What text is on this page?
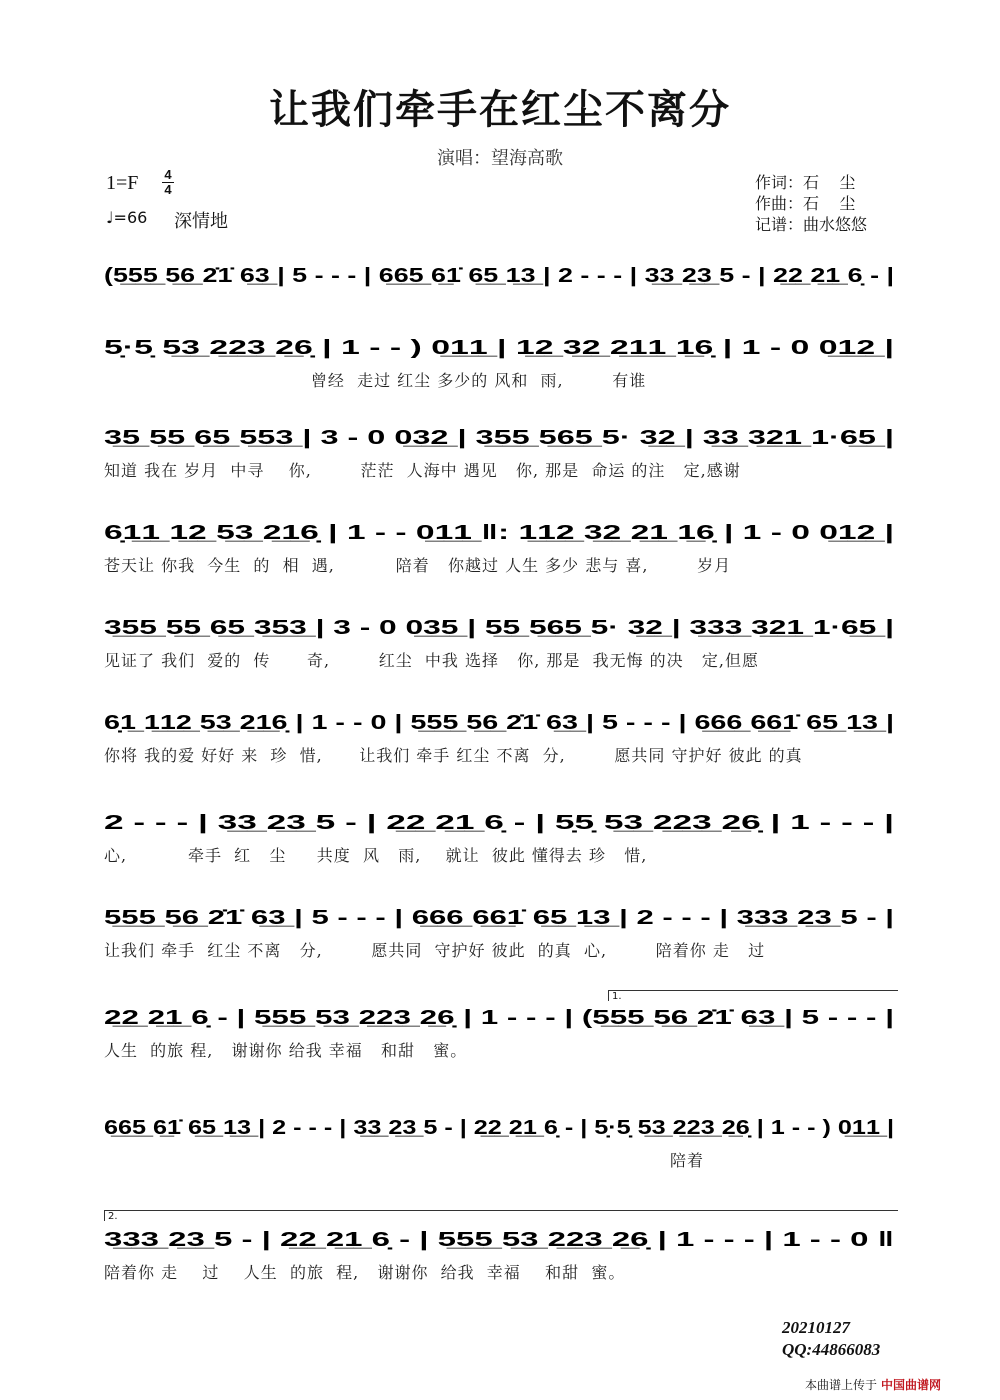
让我们牵手在红尘不离分
演唱：望海高歌
1=F 4
4
♩=66 深情地
作词：石    尘
作曲：石    尘
记谱：曲水悠悠
(5̲5̲5̲ 5̲6̲ 2̇1̇ 6̲3̲ | 5 - - - | 6̲6̲5̲ 6̲1̇ 6̲5̲ 1̲3̲ | 2 - - - | 3̲3̲ 2̲3̲ 5 - | 2̲2̲ 2̲1̲ 6̣ - |
5̣·5̣ 5̲3̲ 2̲2̲3̲ 2̲6̣ | 1 - - ) 0̲1̲1̲ | 1̲2̲ 3̲2̲ 2̲1̲1̲ 1̲6̣ | 1 - 0 0̲1̲2̲ |
曾经  走过 红尘 多少的 风和  雨,        有谁
3̲5̲ 5̲5̲ 6̲5̲ 5̲5̲3̲ | 3 - 0 0̲3̲2̲ | 3̲5̲5̲ 5̲6̲5̲ 5· 3̲2̲ | 3̲3̲ 3̲2̲1̲ 1·6̲5̲ |
知道 我在 岁月  中寻    你,        茫茫  人海中 遇见   你, 那是  命运 的注   定,感谢
6̣1̲1̲ 1̲2̲ 5̲3̲ 2̲1̲6̣ | 1 - - 0̲1̲1̲ ‖: 1̲1̲2̲ 3̲2̲ 2̲1̲ 1̲6̣ | 1 - 0 0̲1̲2̲ |
苍天让 你我  今生  的  相  遇,          陪着   你越过 人生 多少 悲与 喜,        岁月
3̲5̲5̲ 5̲5̲ 6̲5̲ 3̲5̲3̲ | 3 - 0 0̲3̲5̲ | 5̲5̲ 5̲6̲5̲ 5· 3̲2̲ | 3̲3̲3̲ 3̲2̲1̲ 1·6̲5̲ |
见证了 我们  爱的  传      奇,        红尘  中我 选择   你, 那是  我无悔 的决   定,但愿
6̣1̲ 1̲1̲2̲ 5̲3̲ 2̲1̲6̣ | 1 - - 0 | 5̲5̲5̲ 5̲6̲ 2̇1̇ 6̲3̲ | 5 - - - | 6̲6̲6̲ 6̲6̲1̇ 6̲5̲ 1̲3̲ |
你将 我的爱 好好 来  珍  惜,      让我们 牵手 红尘 不离  分,        愿共同 守护好 彼此 的真
2 - - - | 3̲3̲ 2̲3̲ 5 - | 2̲2̲ 2̲1̲ 6̣ - | 5̣5̣ 5̲3̲ 2̲2̲3̲ 2̲6̣ | 1 - - - |
心,          牵手  红   尘     共度  风   雨,    就让  彼此 懂得去 珍   惜,
5̲5̲5̲ 5̲6̲ 2̇1̇ 6̲3̲ | 5 - - - | 6̲6̲6̲ 6̲6̲1̇ 6̲5̲ 1̲3̲ | 2 - - - | 3̲3̲3̲ 2̲3̲ 5 - |
让我们 牵手  红尘 不离   分,        愿共同  守护好 彼此  的真  心,        陪着你 走   过
2̲2̲ 2̲1̲ 6̣ - | 5̲5̲5̲ 5̲3̲ 2̲2̲3̲ 2̲6̣ | 1 - - - | (5̲5̲5̲ 5̲6̲ 2̇1̇ 6̲3̲ | 5 - - - |
人生  的旅 程,   谢谢你 给我 幸福   和甜   蜜。
6̲6̲5̲ 6̲1̇ 6̲5̲ 1̲3̲ | 2 - - - | 3̲3̲ 2̲3̲ 5 - | 2̲2̲ 2̲1̲ 6̣ - | 5̣·5̣ 5̲3̲ 2̲2̲3̲ 2̲6̣ | 1 - - ) 0̲1̲1̲ |
陪着
3̲3̲3̲ 2̲3̲ 5 - | 2̲2̲ 2̲1̲ 6̣ - | 5̲5̲5̲ 5̲3̲ 2̲2̲3̲ 2̲6̣ | 1 - - - | 1 - - 0 ‖
陪着你 走    过    人生  的旅  程,   谢谢你  给我  幸福    和甜  蜜。
20210127
QQ:44866083
本曲谱上传于 中国曲谱网
1.
2.
